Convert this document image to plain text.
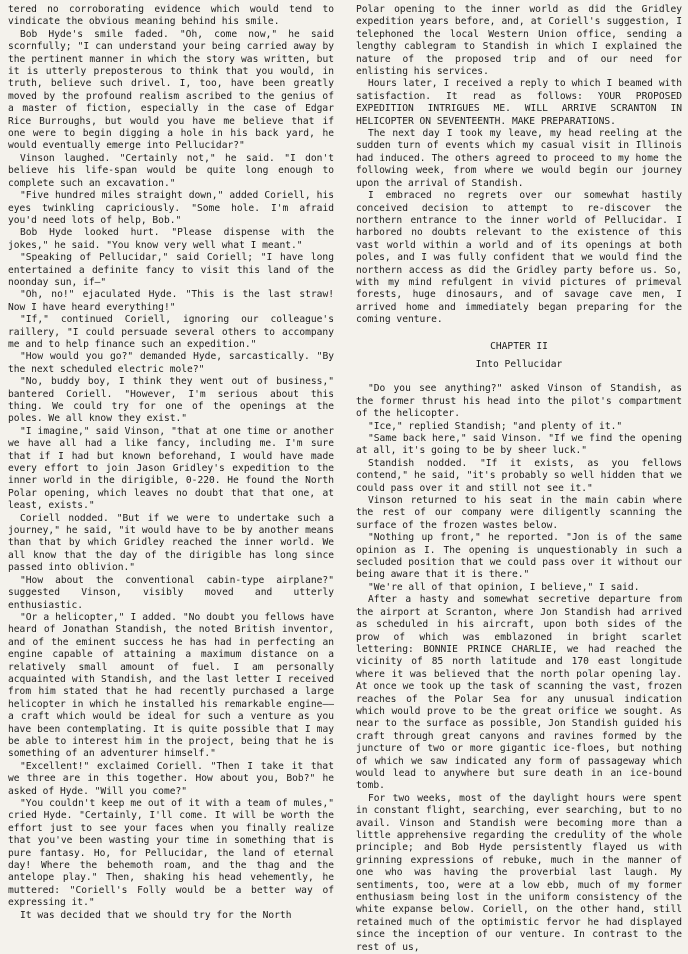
tered no corroborating evidence which would tend to vindicate the obvious meaning behind his smile.

Bob Hyde's smile faded. "Oh, come now," he said scornfully; "I can understand your being carried away by the pertinent manner in which the story was written, but it is utterly preposterous to think that you would, in truth, believe such drivel. I, too, have been greatly moved by the profound realism ascribed to the genius of a master of fiction, especially in the case of Edgar Rice Burroughs, but would you have me believe that if one were to begin digging a hole in his back yard, he would eventually emerge into Pellucidar?"

Vinson laughed. "Certainly not," he said. "I don't believe his life-span would be quite long enough to complete such an excavation."

"Five hundred miles straight down," added Coriell, his eyes twinkling capriciously. "Some hole. I'm afraid you'd need lots of help, Bob."

Bob Hyde looked hurt. "Please dispense with the jokes," he said. "You know very well what I meant."

"Speaking of Pellucidar," said Coriell; "I have long entertained a definite fancy to visit this land of the noonday sun, if—"

"Oh, no!" ejaculated Hyde. "This is the last straw! Now I have heard everything!"

"If," continued Coriell, ignoring our colleague's raillery, "I could persuade several others to accompany me and to help finance such an expedition."

"How would you go?" demanded Hyde, sarcastically. "By the next scheduled electric mole?"

"No, buddy boy, I think they went out of business," bantered Coriell. "However, I'm serious about this thing. We could try for one of the openings at the poles. We all know they exist."

"I imagine," said Vinson, "that at one time or another we have all had a like fancy, including me. I'm sure that if I had but known beforehand, I would have made every effort to join Jason Gridley's expedition to the inner world in the dirigible, 0-220. He found the North Polar opening, which leaves no doubt that that one, at least, exists."

Coriell nodded. "But if we were to undertake such a journey," he said, "it would have to be by another means than that by which Gridley reached the inner world. We all know that the day of the dirigible has long since passed into oblivion."

"How about the conventional cabin-type airplane?" suggested Vinson, visibly moved and utterly enthusiastic.

"Or a helicopter," I added. "No doubt you fellows have heard of Jonathan Standish, the noted British inventor, and of the eminent success he has had in perfecting an engine capable of attaining a maximum distance on a relatively small amount of fuel. I am personally acquainted with Standish, and the last letter I received from him stated that he had recently purchased a large helicopter in which he installed his remarkable engine——a craft which would be ideal for such a venture as you have been contemplating. It is quite possible that I may be able to interest him in the project, being that he is something of an adventurer himself."

"Excellent!" exclaimed Coriell. "Then I take it that we three are in this together. How about you, Bob?" he asked of Hyde. "Will you come?"

"You couldn't keep me out of it with a team of mules," cried Hyde. "Certainly, I'll come. It will be worth the effort just to see your faces when you finally realize that you've been wasting your time in something that is pure fantasy. Ho, for Pellucidar, the land of eternal day! Where the behemoth roam, and the thag and the antelope play." Then, shaking his head vehemently, he muttered: "Coriell's Folly would be a better way of expressing it."

It was decided that we should try for the North

Polar opening to the inner world as did the Gridley expedition years before, and, at Coriell's suggestion, I telephoned the local Western Union office, sending a lengthy cablegram to Standish in which I explained the nature of the proposed trip and of our need for enlisting his services.

Hours later, I received a reply to which I beamed with satisfaction. It read as follows: YOUR PROPOSED EXPEDITION INTRIGUES ME. WILL ARRIVE SCRANTON IN HELICOPTER ON SEVENTEENTH. MAKE PREPARATIONS.

The next day I took my leave, my head reeling at the sudden turn of events which my casual visit in Illinois had induced. The others agreed to proceed to my home the following week, from where we would begin our journey upon the arrival of Standish.

I embraced no regrets over our somewhat hastily conceived decision to attempt to re-discover the northern entrance to the inner world of Pellucidar. I harbored no doubts relevant to the existence of this vast world within a world and of its openings at both poles, and I was fully confident that we would find the northern access as did the Gridley party before us. So, with my mind refulgent in vivid pictures of primeval forests, huge dinosaurs, and of savage cave men, I arrived home and immediately began preparing for the coming venture.

CHAPTER II

Into Pellucidar

"Do you see anything?" asked Vinson of Standish, as the former thrust his head into the pilot's compartment of the helicopter.

"Ice," replied Standish; "and plenty of it."

"Same back here," said Vinson. "If we find the opening at all, it's going to be by sheer luck."

Standish nodded. "If it exists, as you fellows contend," he said, "it's probably so well hidden that we could pass over it and still not see it."

Vinson returned to his seat in the main cabin where the rest of our company were diligently scanning the surface of the frozen wastes below.

"Nothing up front," he reported. "Jon is of the same opinion as I. The opening is unquestionably in such a secluded position that we could pass over it without our being aware that it is there."

"We're all of that opinion, I believe," I said.

After a hasty and somewhat secretive departure from the airport at Scranton, where Jon Standish had arrived as scheduled in his aircraft, upon both sides of the prow of which was emblazoned in bright scarlet lettering: BONNIE PRINCE CHARLIE, we had reached the vicinity of 85 north latitude and 170 east longitude where it was believed that the north polar opening lay. At once we took up the task of scanning the vast, frozen reaches of the Polar Sea for any unusual indication which would prove to be the great orifice we sought. As near to the surface as possible, Jon Standish guided his craft through great canyons and ravines formed by the juncture of two or more gigantic ice-floes, but nothing of which we saw indicated any form of passageway which would lead to anywhere but sure death in an ice-bound tomb.

For two weeks, most of the daylight hours were spent in constant flight, searching, ever searching, but to no avail. Vinson and Standish were becoming more than a little apprehensive regarding the credulity of the whole principle; and Bob Hyde persistently flayed us with grinning expressions of rebuke, much in the manner of one who was having the proverbial last laugh. My sentiments, too, were at a low ebb, much of my former enthusiasm being lost in the uniform consistency of the white expanse below. Coriell, on the other hand, still retained much of the optimistic fervor he had displayed since the inception of our venture. In contrast to the rest of us,
